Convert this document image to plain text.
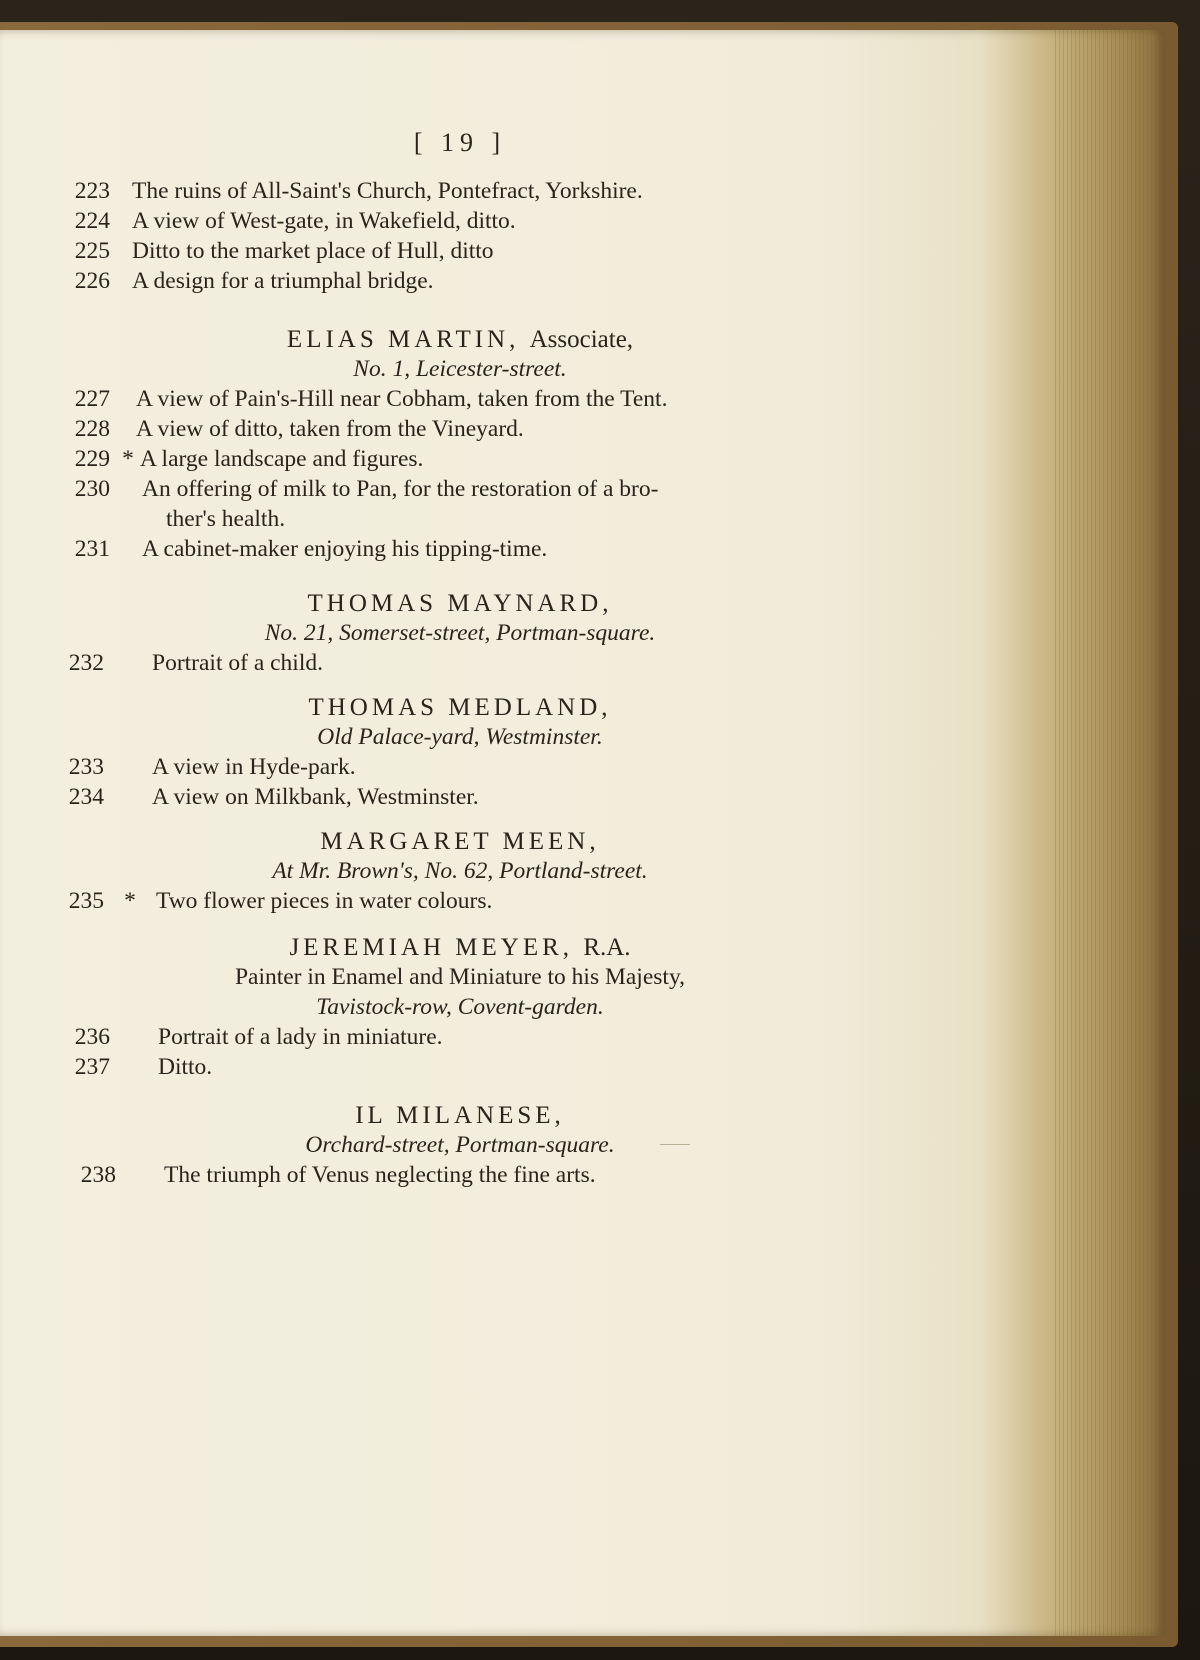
[ 19 ]
223 The ruins of All-Saint's Church, Pontefract, Yorkshire.
224 A view of West-gate, in Wakefield, ditto.
225 Ditto to the market place of Hull, ditto
226 A design for a triumphal bridge.
ELIAS MARTIN, Associate,
No. 1, Leicester-street.
227 A view of Pain's-Hill near Cobham, taken from the Tent.
228 A view of ditto, taken from the Vineyard.
229 * A large landscape and figures.
230 An offering of milk to Pan, for the restoration of a bro-
ther's health.
231 A cabinet-maker enjoying his tipping-time.
THOMAS MAYNARD,
No. 21, Somerset-street, Portman-square.
232 Portrait of a child.
THOMAS MEDLAND,
Old Palace-yard, Westminster.
233 A view in Hyde-park.
234 A view on Milkbank, Westminster.
MARGARET MEEN,
At Mr. Brown's, No. 62, Portland-street.
235 * Two flower pieces in water colours.
JEREMIAH MEYER, R.A.
Painter in Enamel and Miniature to his Majesty,
Tavistock-row, Covent-garden.
236 Portrait of a lady in miniature.
237 Ditto.
IL MILANESE,
Orchard-street, Portman-square.
238 The triumph of Venus neglecting the fine arts.
